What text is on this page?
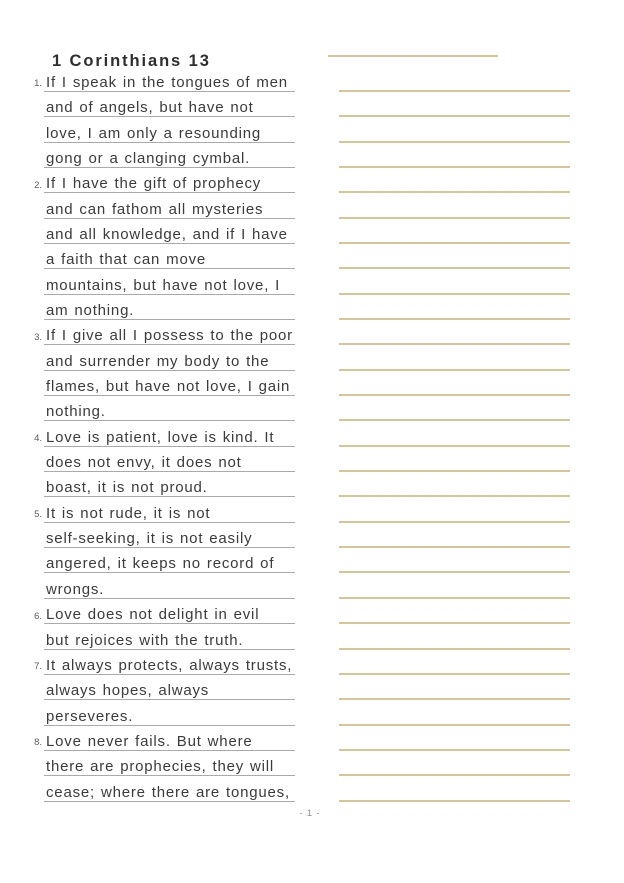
1 Corinthians 13
1. If I speak in the tongues of men
and of angels, but have not
love, I am only a resounding
gong or a clanging cymbal.
2. If I have the gift of prophecy
and can fathom all mysteries
and all knowledge, and if I have
a faith that can move
mountains, but have not love, I
am nothing.
3. If I give all I possess to the poor
and surrender my body to the
flames, but have not love, I gain
nothing.
4. Love is patient, love is kind. It
does not envy, it does not
boast, it is not proud.
5. It is not rude, it is not
self-seeking, it is not easily
angered, it keeps no record of
wrongs.
6. Love does not delight in evil
but rejoices with the truth.
7. It always protects, always trusts,
always hopes, always
perseveres.
8. Love never fails. But where
there are prophecies, they will
cease; where there are tongues,
- 1 -
